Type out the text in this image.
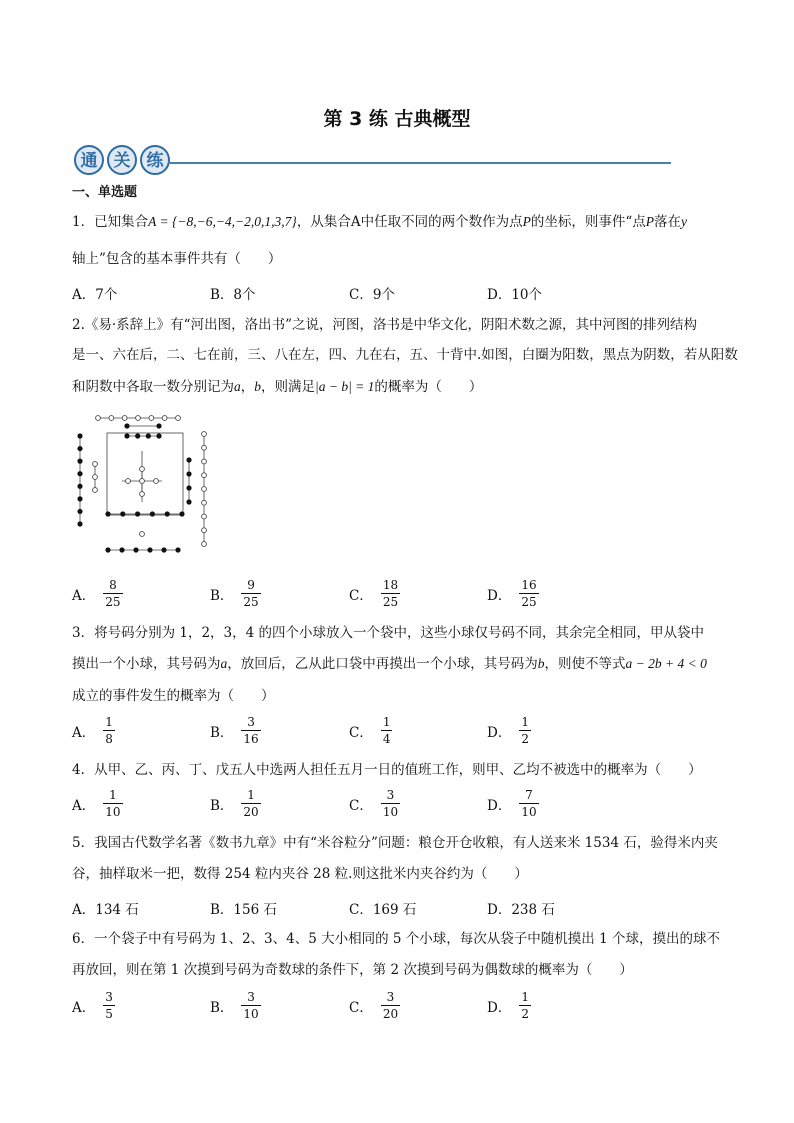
第 3 练 古典概型
通 关 练
一、单选题
1．已知集合A = {−8,−6,−4,−2,0,1,3,7}，从集合A中任取不同的两个数作为点P的坐标，则事件“点P落在y
轴上”包含的基本事件共有（　　）
A．7个	B．8个	C．9个	D．10个
2.《易·系辞上》有“河出图，洛出书”之说，河图，洛书是中华文化，阴阳术数之源，其中河图的排列结构
是一、六在后，二、七在前，三、八在左，四、九在右，五、十背中.如图，白圈为阳数，黑点为阴数，若从阳数
和阴数中各取一数分别记为a，b，则满足|a − b| = 1的概率为（　　）
A． $\frac{8}{25}$	B． $\frac{9}{25}$	C． $\frac{18}{25}$	D． $\frac{16}{25}$
3．将号码分别为 1，2，3，4 的四个小球放入一个袋中，这些小球仅号码不同，其余完全相同，甲从袋中
摸出一个小球，其号码为a，放回后，乙从此口袋中再摸出一个小球，其号码为b，则使不等式a − 2b + 4 < 0
成立的事件发生的概率为（　　）
A． $\frac{1}{8}$	B． $\frac{3}{16}$	C． $\frac{1}{4}$	D． $\frac{1}{2}$
4．从甲、乙、丙、丁、戊五人中选两人担任五月一日的值班工作，则甲、乙均不被选中的概率为（　　）
A． $\frac{1}{10}$	B． $\frac{1}{20}$	C． $\frac{3}{10}$	D． $\frac{7}{10}$
5．我国古代数学名著《数书九章》中有“米谷粒分”问题：粮仓开仓收粮，有人送来米 1534 石，验得米内夹
谷，抽样取米一把，数得 254 粒内夹谷 28 粒.则这批米内夹谷约为（　　）
A．134 石	B．156 石	C．169 石	D．238 石
6．一个袋子中有号码为 1、2、3、4、5 大小相同的 5 个小球，每次从袋子中随机摸出 1 个球，摸出的球不
再放回，则在第 1 次摸到号码为奇数球的条件下，第 2 次摸到号码为偶数球的概率为（　　）
A． $\frac{3}{5}$	B． $\frac{3}{10}$	C． $\frac{3}{20}$	D． $\frac{1}{2}$
